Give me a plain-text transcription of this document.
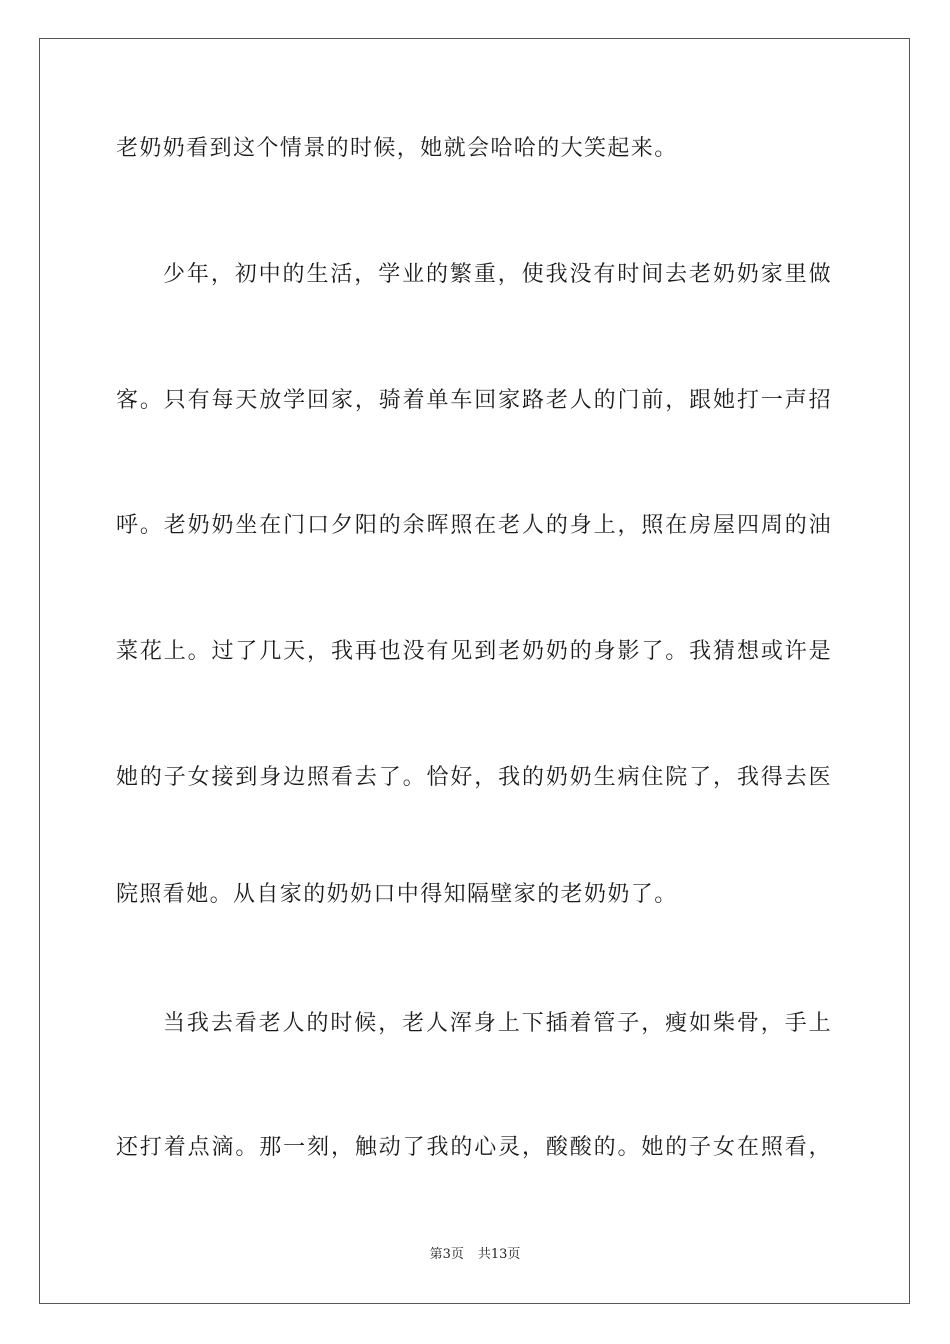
老奶奶看到这个情景的时候，她就会哈哈的大笑起来。
少年，初中的生活，学业的繁重，使我没有时间去老奶奶家里做
客。只有每天放学回家，骑着单车回家路老人的门前，跟她打一声招
呼。老奶奶坐在门口夕阳的余晖照在老人的身上，照在房屋四周的油
菜花上。过了几天，我再也没有见到老奶奶的身影了。我猜想或许是
她的子女接到身边照看去了。恰好，我的奶奶生病住院了，我得去医
院照看她。从自家的奶奶口中得知隔壁家的老奶奶了。
当我去看老人的时候，老人浑身上下插着管子，瘦如柴骨，手上
还打着点滴。那一刻，触动了我的心灵，酸酸的。她的子女在照看，
第3页 共13页
